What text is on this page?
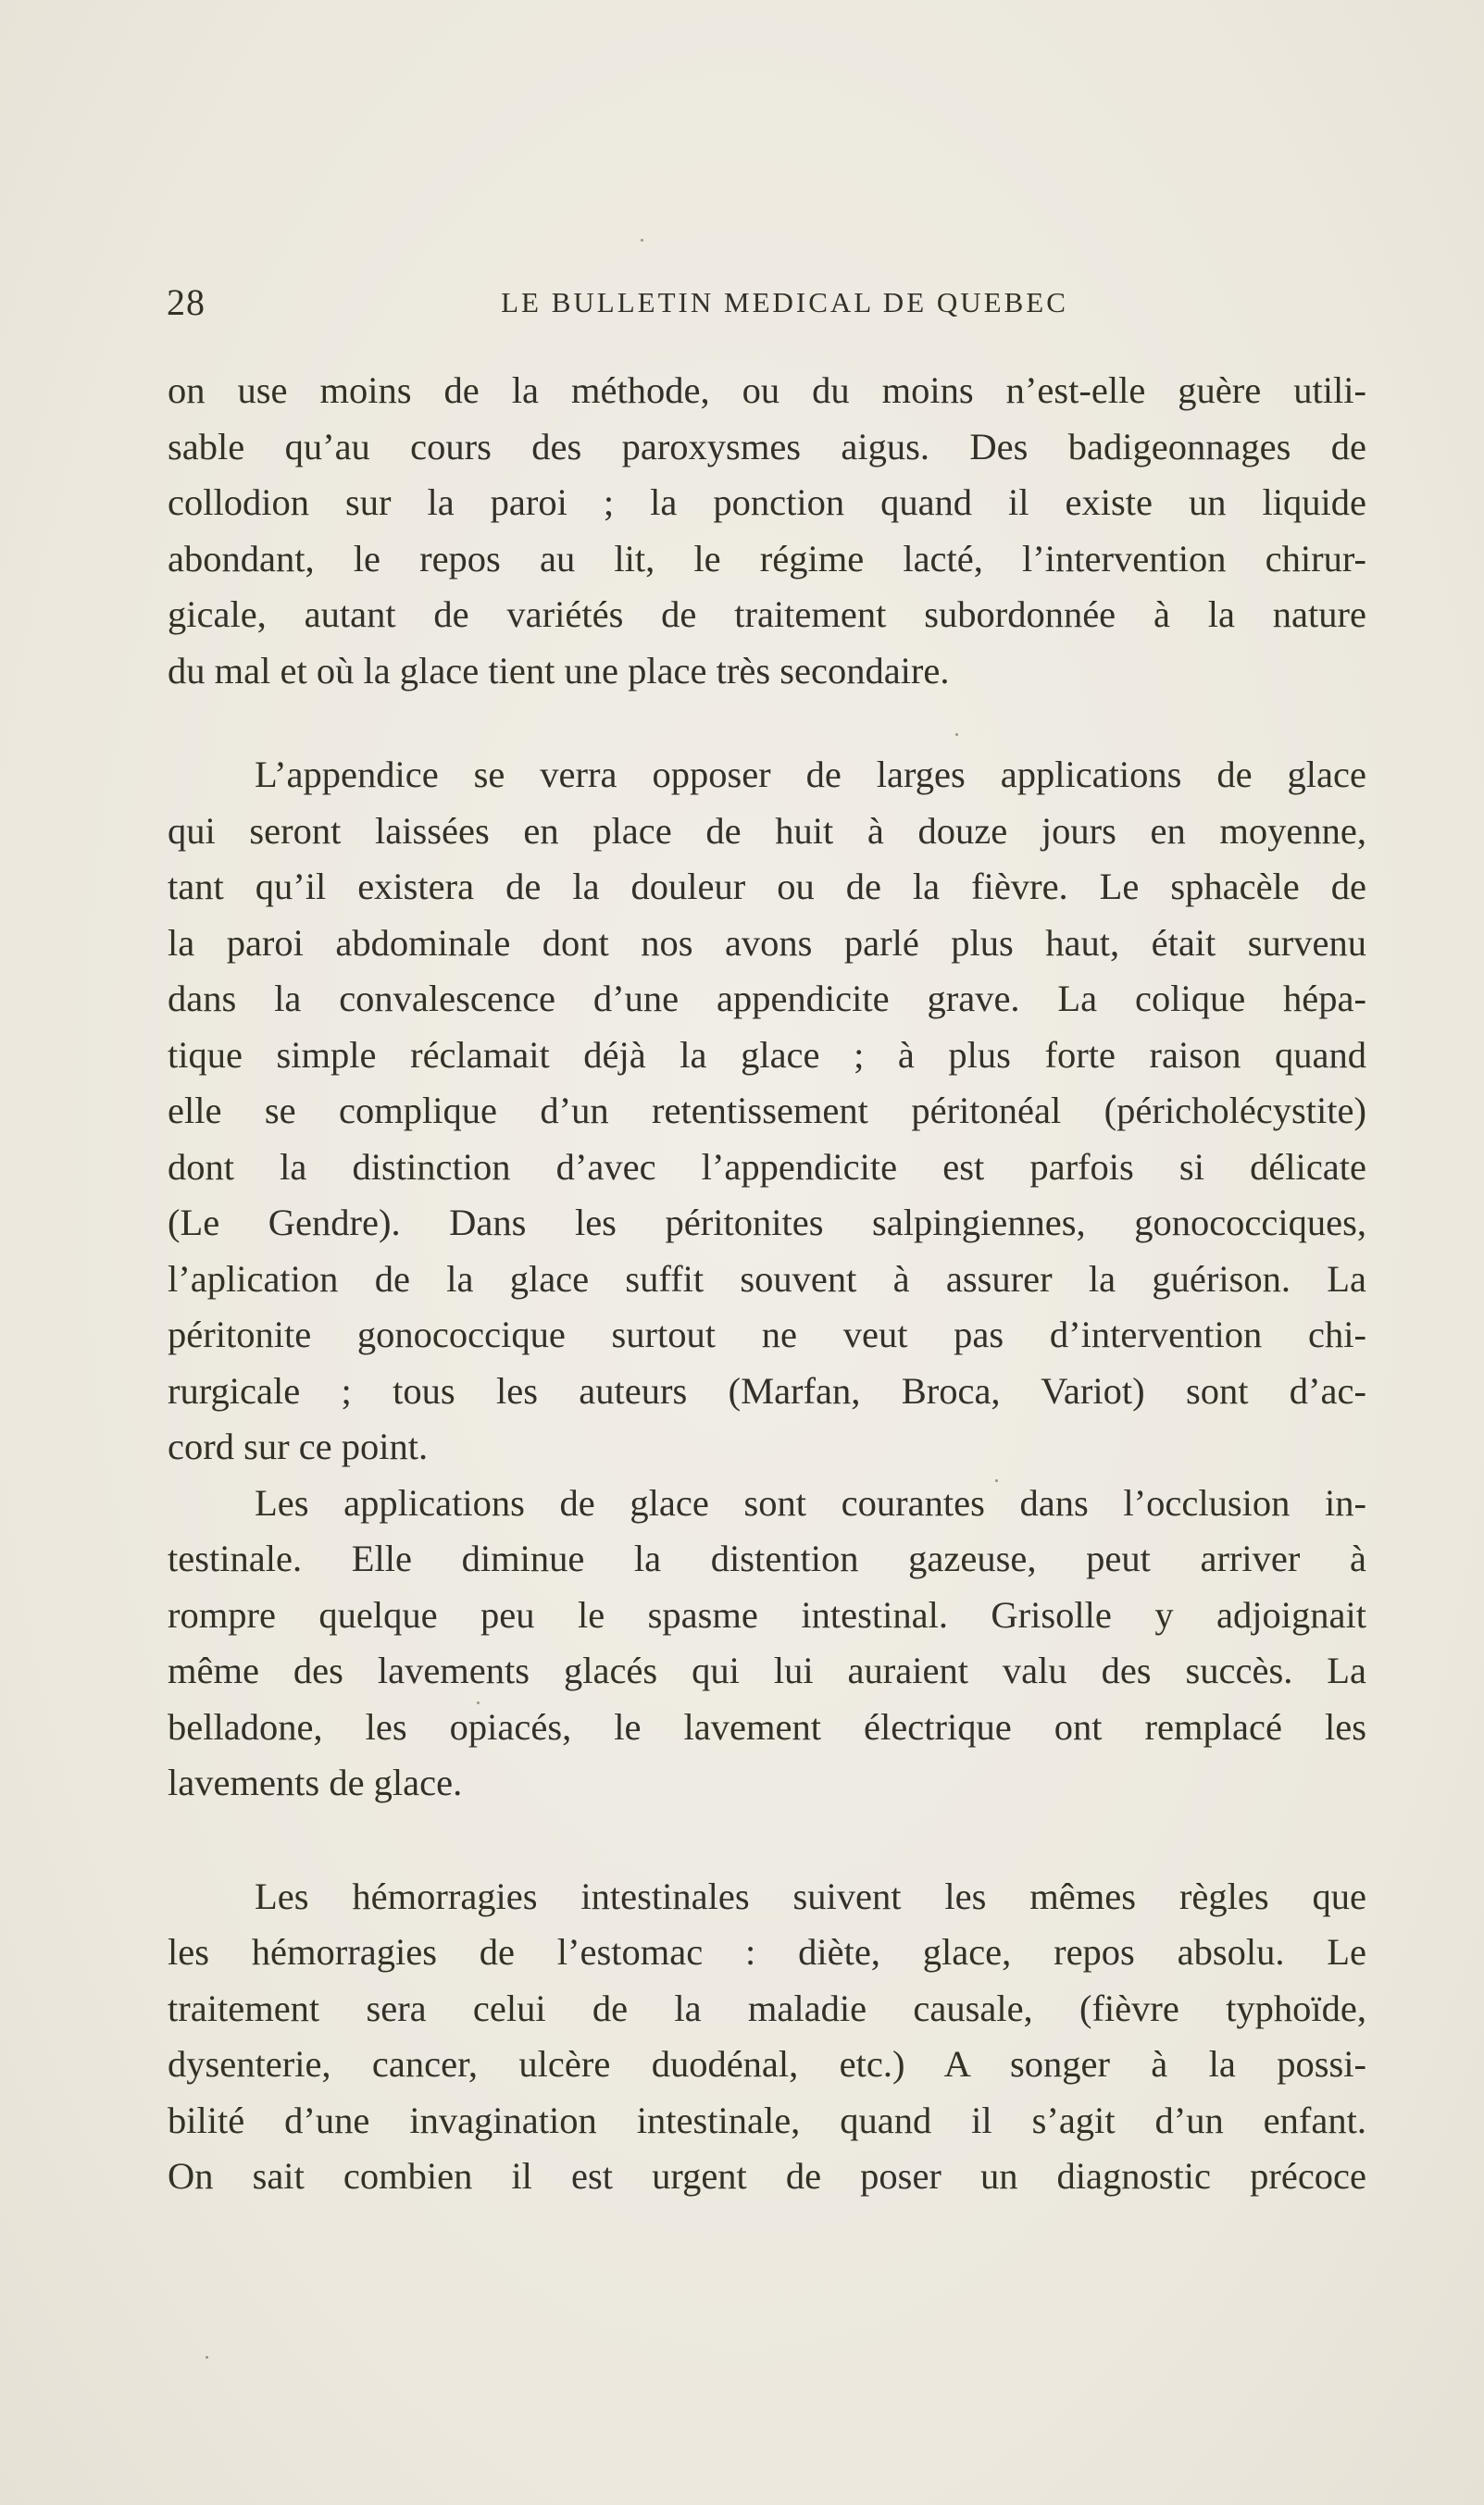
28	LE BULLETIN MEDICAL DE QUEBEC
on use moins de la méthode, ou du moins n’est-elle guère utili-
sable qu’au cours des paroxysmes aigus. Des badigeonnages de
collodion sur la paroi ; la ponction quand il existe un liquide
abondant, le repos au lit, le régime lacté, l’intervention chirur-
gicale, autant de variétés de traitement subordonnée à la nature
du mal et où la glace tient une place très secondaire.
L’appendice se verra opposer de larges applications de glace
qui seront laissées en place de huit à douze jours en moyenne,
tant qu’il existera de la douleur ou de la fièvre. Le sphacèle de
la paroi abdominale dont nos avons parlé plus haut, était survenu
dans la convalescence d’une appendicite grave. La colique hépa-
tique simple réclamait déjà la glace ; à plus forte raison quand
elle se complique d’un retentissement péritonéal (péricholécystite)
dont la distinction d’avec l’appendicite est parfois si délicate
(Le Gendre). Dans les péritonites salpingiennes, gonococciques,
l’aplication de la glace suffit souvent à assurer la guérison. La
péritonite gonococcique surtout ne veut pas d’intervention chi-
rurgicale ; tous les auteurs (Marfan, Broca, Variot) sont d’ac-
cord sur ce point.
Les applications de glace sont courantes dans l’occlusion in-
testinale. Elle diminue la distention gazeuse, peut arriver à
rompre quelque peu le spasme intestinal. Grisolle y adjoignait
même des lavements glacés qui lui auraient valu des succès. La
belladone, les opiacés, le lavement électrique ont remplacé les
lavements de glace.
Les hémorragies intestinales suivent les mêmes règles que
les hémorragies de l’estomac : diète, glace, repos absolu. Le
traitement sera celui de la maladie causale, (fièvre typhoïde,
dysenterie, cancer, ulcère duodénal, etc.) A songer à la possi-
bilité d’une invagination intestinale, quand il s’agit d’un enfant.
On sait combien il est urgent de poser un diagnostic précoce
